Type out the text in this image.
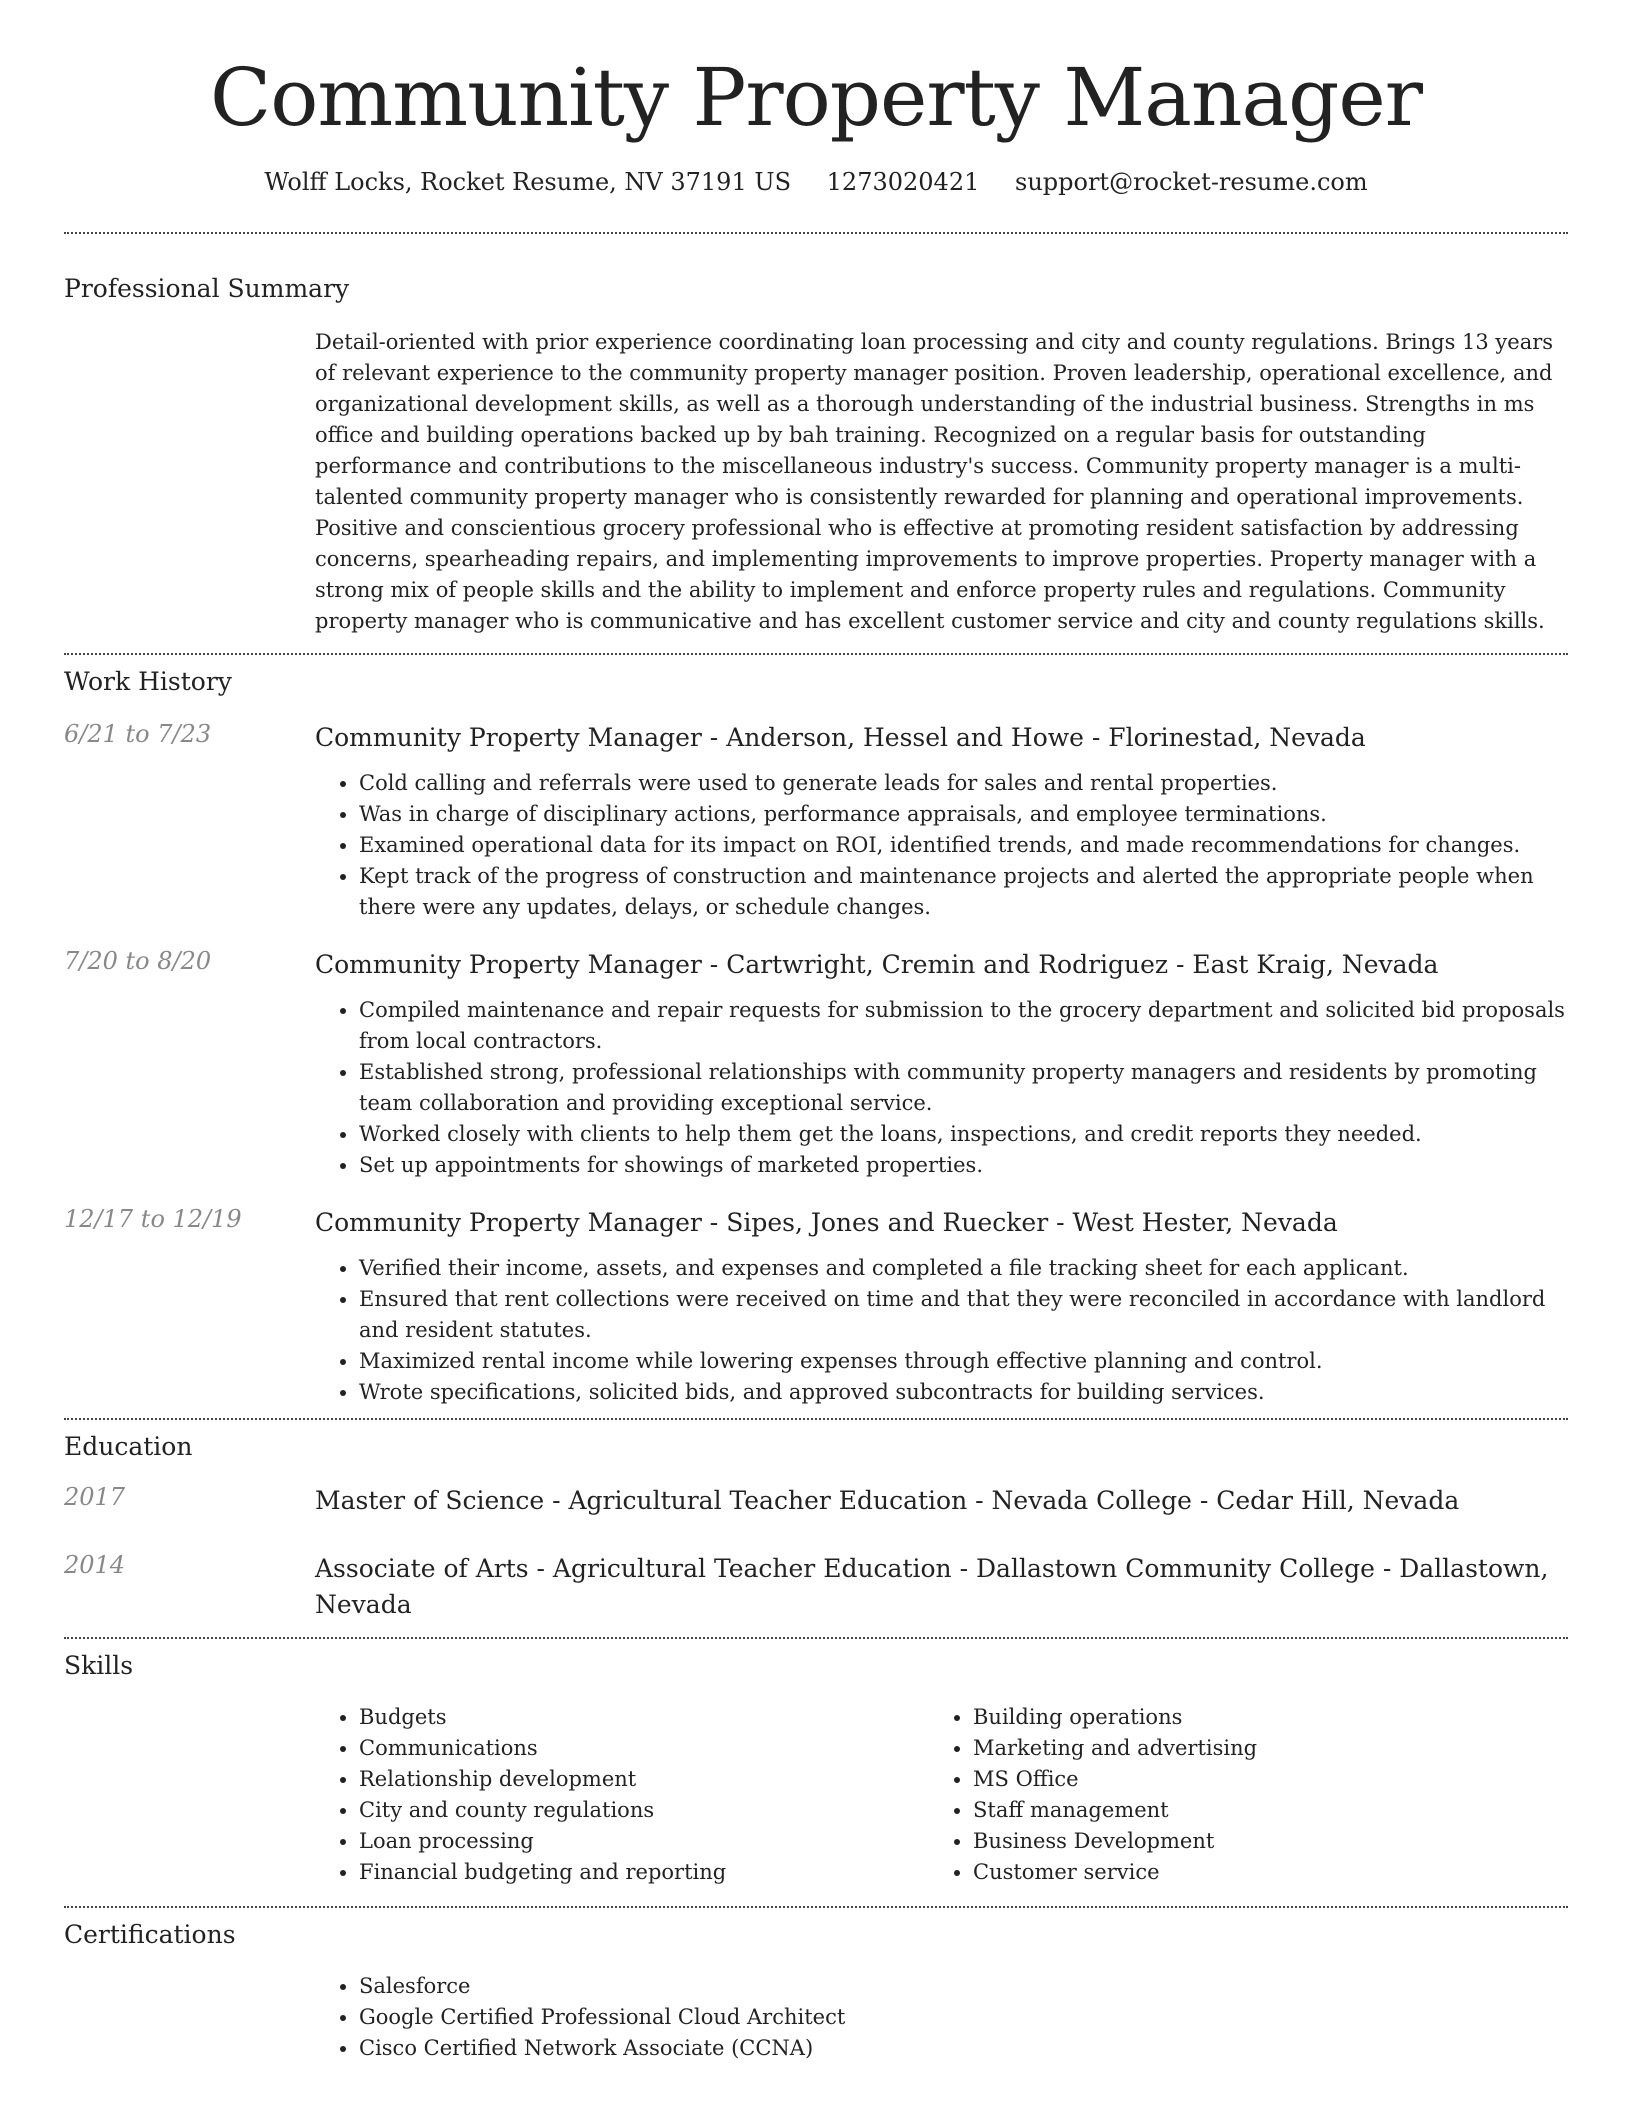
Community Property Manager
Wolff Locks, Rocket Resume, NV 37191 US 1273020421 support@rocket-resume.com
Professional Summary

Detail-oriented with prior experience coordinating loan processing and city and county regulations. Brings 13 years of relevant experience to the community property manager position. Proven leadership, operational excellence, and organizational development skills, as well as a thorough understanding of the industrial business. Strengths in ms office and building operations backed up by bah training. Recognized on a regular basis for outstanding performance and contributions to the miscellaneous industry's success. Community property manager is a multi-talented community property manager who is consistently rewarded for planning and operational improvements. Positive and conscientious grocery professional who is effective at promoting resident satisfaction by addressing concerns, spearheading repairs, and implementing improvements to improve properties. Property manager with a strong mix of people skills and the ability to implement and enforce property rules and regulations. Community property manager who is communicative and has excellent customer service and city and county regulations skills.

Work History
6/21 to 7/23	Community Property Manager - Anderson, Hessel and Howe - Florinestad, Nevada
• Cold calling and referrals were used to generate leads for sales and rental properties.
• Was in charge of disciplinary actions, performance appraisals, and employee terminations.
• Examined operational data for its impact on ROI, identified trends, and made recommendations for changes.
• Kept track of the progress of construction and maintenance projects and alerted the appropriate people when there were any updates, delays, or schedule changes.
7/20 to 8/20	Community Property Manager - Cartwright, Cremin and Rodriguez - East Kraig, Nevada
• Compiled maintenance and repair requests for submission to the grocery department and solicited bid proposals from local contractors.
• Established strong, professional relationships with community property managers and residents by promoting team collaboration and providing exceptional service.
• Worked closely with clients to help them get the loans, inspections, and credit reports they needed.
• Set up appointments for showings of marketed properties.
12/17 to 12/19	Community Property Manager - Sipes, Jones and Ruecker - West Hester, Nevada
• Verified their income, assets, and expenses and completed a file tracking sheet for each applicant.
• Ensured that rent collections were received on time and that they were reconciled in accordance with landlord and resident statutes.
• Maximized rental income while lowering expenses through effective planning and control.
• Wrote specifications, solicited bids, and approved subcontracts for building services.
Education
2017	Master of Science - Agricultural Teacher Education - Nevada College - Cedar Hill, Nevada
2014	Associate of Arts - Agricultural Teacher Education - Dallastown Community College - Dallastown, Nevada
Skills
• Budgets
• Communications
• Relationship development
• City and county regulations
• Loan processing
• Financial budgeting and reporting
• Building operations
• Marketing and advertising
• MS Office
• Staff management
• Business Development
• Customer service
Certifications
• Salesforce
• Google Certified Professional Cloud Architect
• Cisco Certified Network Associate (CCNA)
